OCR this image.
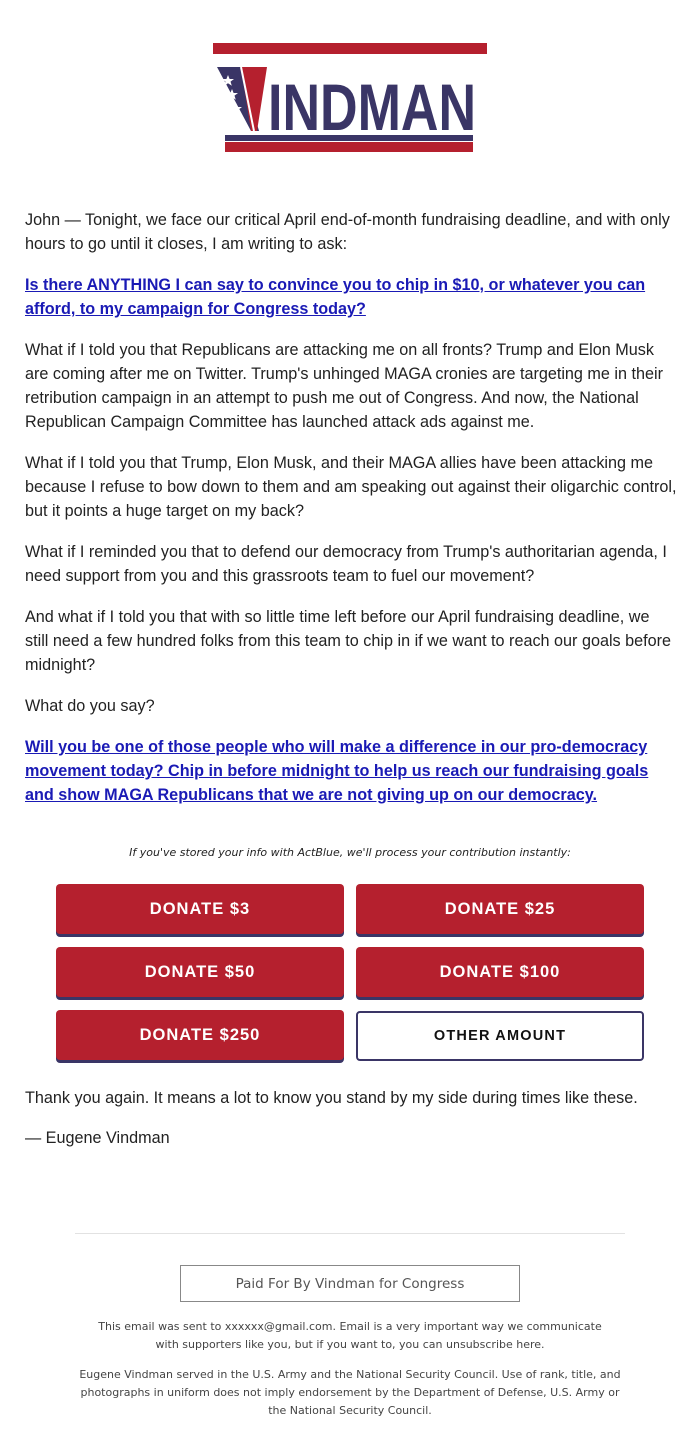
INDMAN

John — Tonight, we face our critical April end-of-month fundraising deadline, and with only hours to go until it closes, I am writing to ask:

Is there ANYTHING I can say to convince you to chip in $10, or whatever you can afford, to my campaign for Congress today?

What if I told you that Republicans are attacking me on all fronts? Trump and Elon Musk are coming after me on Twitter. Trump's unhinged MAGA cronies are targeting me in their retribution campaign in an attempt to push me out of Congress. And now, the National Republican Campaign Committee has launched attack ads against me.

What if I told you that Trump, Elon Musk, and their MAGA allies have been attacking me because I refuse to bow down to them and am speaking out against their oligarchic control, but it points a huge target on my back?

What if I reminded you that to defend our democracy from Trump's authoritarian agenda, I need support from you and this grassroots team to fuel our movement?

And what if I told you that with so little time left before our April fundraising deadline, we still need a few hundred folks from this team to chip in if we want to reach our goals before midnight?

What do you say?

Will you be one of those people who will make a difference in our pro-democracy movement today? Chip in before midnight to help us reach our fundraising goals and show MAGA Republicans that we are not giving up on our democracy.

If you've stored your info with ActBlue, we'll process your contribution instantly:
DONATE $3	DONATE $25
DONATE $50	DONATE $100
DONATE $250	OTHER AMOUNT
Thank you again. It means a lot to know you stand by my side during times like these.
— Eugene Vindman
Paid For By Vindman for Congress
This email was sent to xxxxxx@gmail.com. Email is a very important way we communicate with supporters like you, but if you want to, you can unsubscribe here.
Eugene Vindman served in the U.S. Army and the National Security Council. Use of rank, title, and photographs in uniform does not imply endorsement by the Department of Defense, U.S. Army or the National Security Council.
